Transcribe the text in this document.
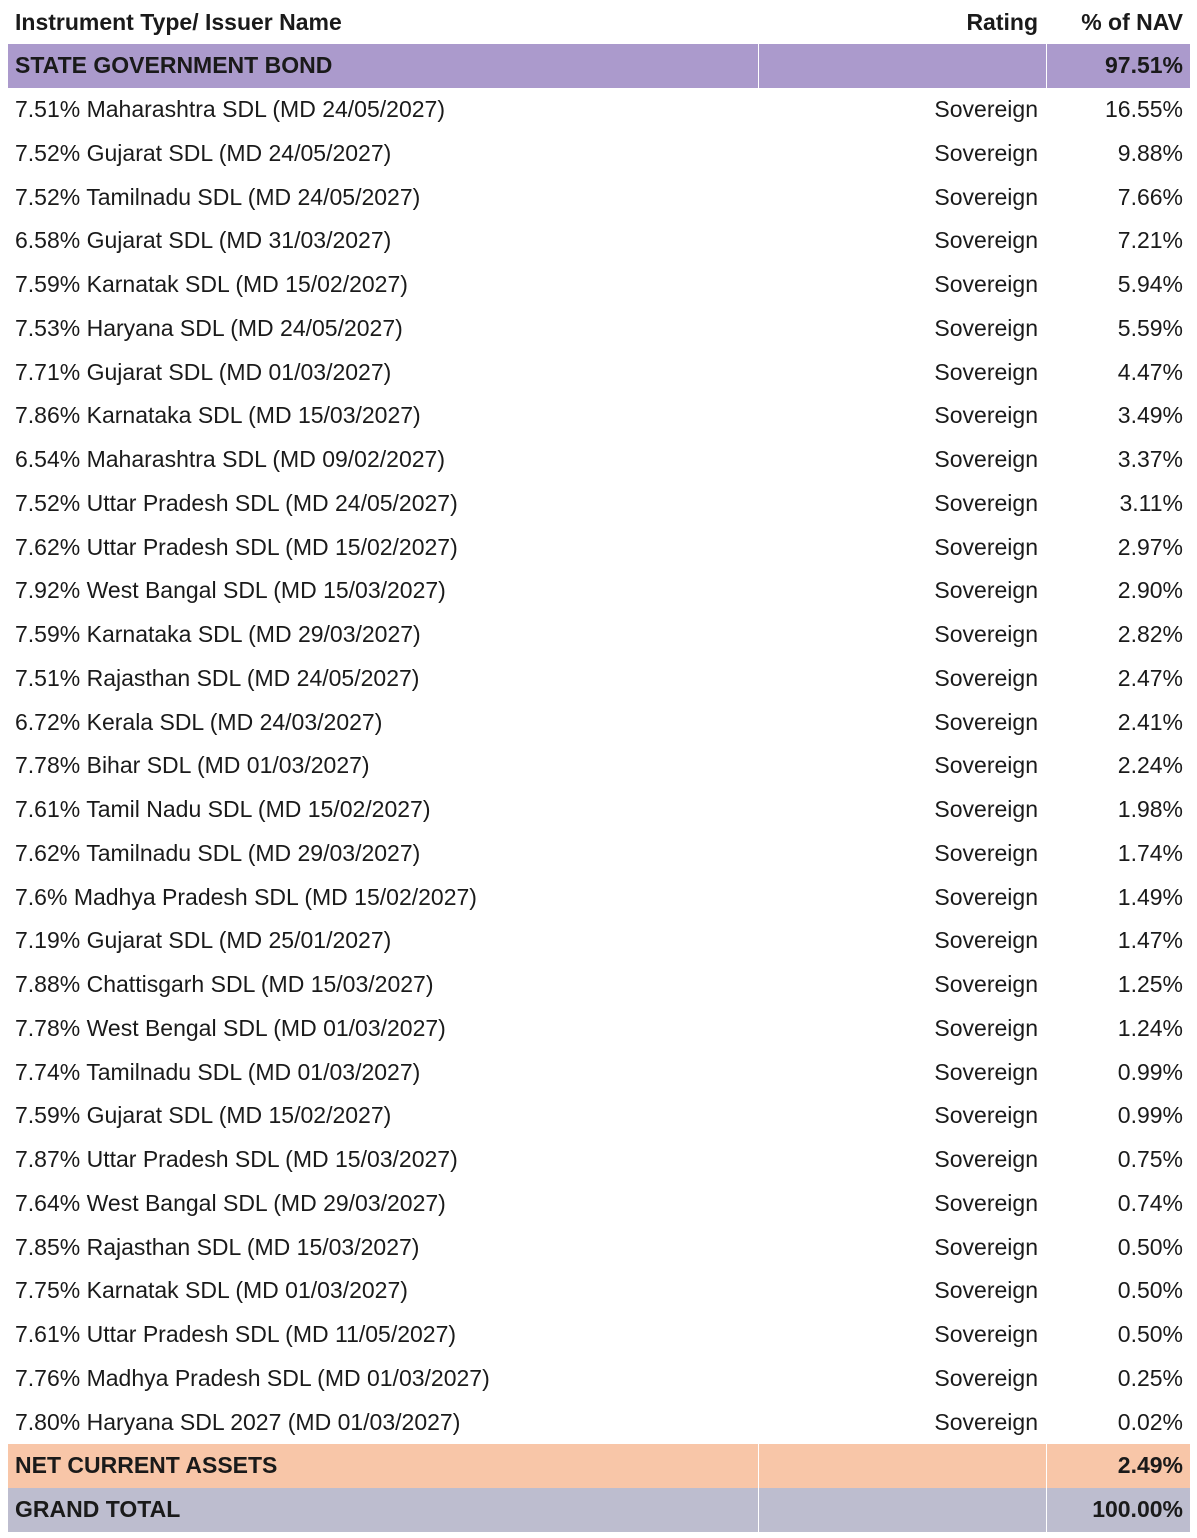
Instrument Type/ Issuer Name	Rating	% of NAV
STATE GOVERNMENT BOND		97.51%
7.51% Maharashtra SDL (MD 24/05/2027)	Sovereign	16.55%
7.52% Gujarat SDL (MD 24/05/2027)	Sovereign	9.88%
7.52% Tamilnadu SDL (MD 24/05/2027)	Sovereign	7.66%
6.58% Gujarat SDL (MD 31/03/2027)	Sovereign	7.21%
7.59% Karnatak SDL (MD 15/02/2027)	Sovereign	5.94%
7.53% Haryana SDL (MD 24/05/2027)	Sovereign	5.59%
7.71% Gujarat SDL (MD 01/03/2027)	Sovereign	4.47%
7.86% Karnataka SDL (MD 15/03/2027)	Sovereign	3.49%
6.54% Maharashtra SDL (MD 09/02/2027)	Sovereign	3.37%
7.52% Uttar Pradesh SDL (MD 24/05/2027)	Sovereign	3.11%
7.62% Uttar Pradesh SDL (MD 15/02/2027)	Sovereign	2.97%
7.92% West Bangal SDL (MD 15/03/2027)	Sovereign	2.90%
7.59% Karnataka SDL (MD 29/03/2027)	Sovereign	2.82%
7.51% Rajasthan SDL (MD 24/05/2027)	Sovereign	2.47%
6.72% Kerala SDL (MD 24/03/2027)	Sovereign	2.41%
7.78% Bihar SDL (MD 01/03/2027)	Sovereign	2.24%
7.61% Tamil Nadu SDL (MD 15/02/2027)	Sovereign	1.98%
7.62% Tamilnadu SDL (MD 29/03/2027)	Sovereign	1.74%
7.6% Madhya Pradesh SDL (MD 15/02/2027)	Sovereign	1.49%
7.19% Gujarat SDL (MD 25/01/2027)	Sovereign	1.47%
7.88% Chattisgarh SDL (MD 15/03/2027)	Sovereign	1.25%
7.78% West Bengal SDL (MD 01/03/2027)	Sovereign	1.24%
7.74% Tamilnadu SDL (MD 01/03/2027)	Sovereign	0.99%
7.59% Gujarat SDL (MD 15/02/2027)	Sovereign	0.99%
7.87% Uttar Pradesh SDL (MD 15/03/2027)	Sovereign	0.75%
7.64% West Bangal SDL (MD 29/03/2027)	Sovereign	0.74%
7.85% Rajasthan SDL (MD 15/03/2027)	Sovereign	0.50%
7.75% Karnatak SDL (MD 01/03/2027)	Sovereign	0.50%
7.61% Uttar Pradesh SDL (MD 11/05/2027)	Sovereign	0.50%
7.76% Madhya Pradesh SDL (MD 01/03/2027)	Sovereign	0.25%
7.80% Haryana SDL 2027 (MD 01/03/2027)	Sovereign	0.02%
NET CURRENT ASSETS		2.49%
GRAND TOTAL		100.00%
